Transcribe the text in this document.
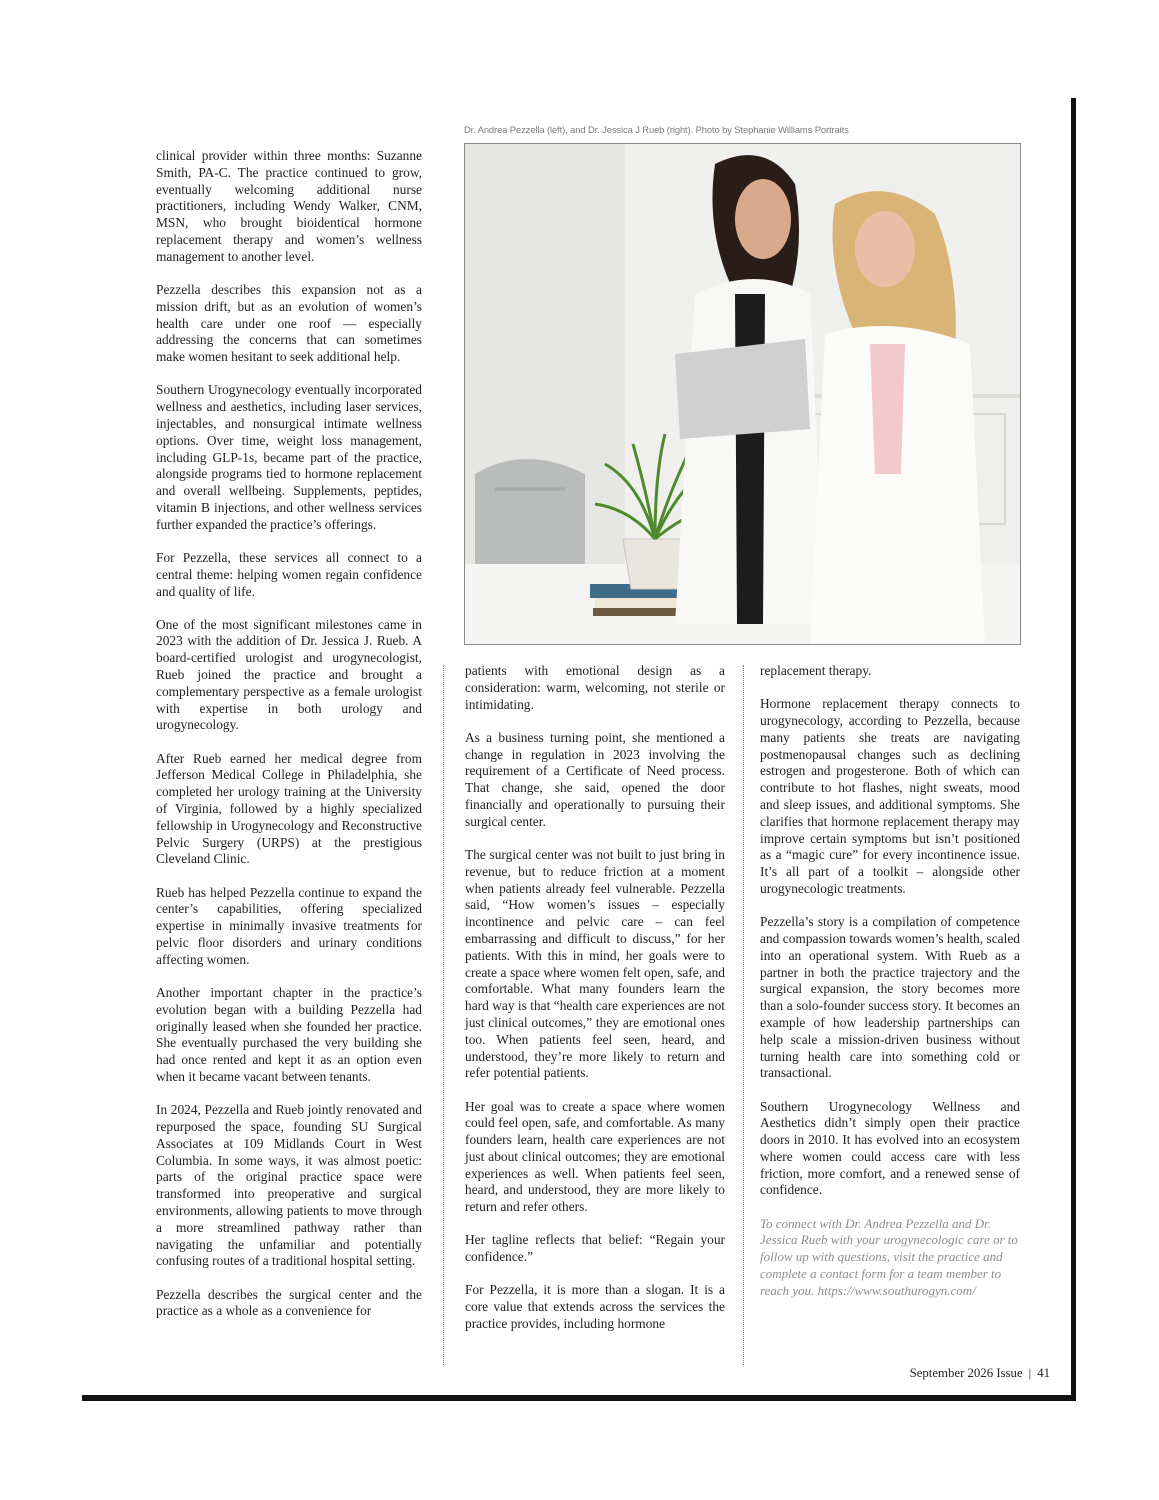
clinical provider within three months: Suzanne Smith, PA-C. The practice continued to grow, eventually welcoming additional nurse practitioners, including Wendy Walker, CNM, MSN, who brought bioidentical hormone replacement therapy and women’s wellness management to another level.

Pezzella describes this expansion not as a mission drift, but as an evolution of women’s health care under one roof — especially addressing the concerns that can sometimes make women hesitant to seek additional help.

Southern Urogynecology eventually incorporated wellness and aesthetics, including laser services, injectables, and nonsurgical intimate wellness options. Over time, weight loss management, including GLP-1s, became part of the practice, alongside programs tied to hormone replacement and overall wellbeing. Supplements, peptides, vitamin B injections, and other wellness services further expanded the practice’s offerings.

For Pezzella, these services all connect to a central theme: helping women regain confidence and quality of life.

One of the most significant milestones came in 2023 with the addition of Dr. Jessica J. Rueb. A board-certified urologist and urogynecologist, Rueb joined the practice and brought a complementary perspective as a female urologist with expertise in both urology and urogynecology.

After Rueb earned her medical degree from Jefferson Medical College in Philadelphia, she completed her urology training at the University of Virginia, followed by a highly specialized fellowship in Urogynecology and Reconstructive Pelvic Surgery (URPS) at the prestigious Cleveland Clinic.

Rueb has helped Pezzella continue to expand the center’s capabilities, offering specialized expertise in minimally invasive treatments for pelvic floor disorders and urinary conditions affecting women.

Another important chapter in the practice’s evolution began with a building Pezzella had originally leased when she founded her practice. She eventually purchased the very building she had once rented and kept it as an option even when it became vacant between tenants.

In 2024, Pezzella and Rueb jointly renovated and repurposed the space, founding SU Surgical Associates at 109 Midlands Court in West Columbia. In some ways, it was almost poetic: parts of the original practice space were transformed into preoperative and surgical environments, allowing patients to move through a more streamlined pathway rather than navigating the unfamiliar and potentially confusing routes of a traditional hospital setting.

Pezzella describes the surgical center and the practice as a whole as a convenience for

Dr. Andrea Pezzella (left), and Dr. Jessica J Rueb (right). Photo by Stephanie Williams Portraits

patients with emotional design as a consideration: warm, welcoming, not sterile or intimidating.

As a business turning point, she mentioned a change in regulation in 2023 involving the requirement of a Certificate of Need process. That change, she said, opened the door financially and operationally to pursuing their surgical center.

The surgical center was not built to just bring in revenue, but to reduce friction at a moment when patients already feel vulnerable. Pezzella said, “How women’s issues – especially incontinence and pelvic care – can feel embarrassing and difficult to discuss,” for her patients. With this in mind, her goals were to create a space where women felt open, safe, and comfortable. What many founders learn the hard way is that “health care experiences are not just clinical outcomes,” they are emotional ones too. When patients feel seen, heard, and understood, they’re more likely to return and refer potential patients.

Her goal was to create a space where women could feel open, safe, and comfortable. As many founders learn, health care experiences are not just about clinical outcomes; they are emotional experiences as well. When patients feel seen, heard, and understood, they are more likely to return and refer others.

Her tagline reflects that belief: “Regain your confidence.”

For Pezzella, it is more than a slogan. It is a core value that extends across the services the practice provides, including hormone

replacement therapy.

Hormone replacement therapy connects to urogynecology, according to Pezzella, because many patients she treats are navigating postmenopausal changes such as declining estrogen and progesterone. Both of which can contribute to hot flashes, night sweats, mood and sleep issues, and additional symptoms. She clarifies that hormone replacement therapy may improve certain symptoms but isn’t positioned as a “magic cure” for every incontinence issue. It’s all part of a toolkit – alongside other urogynecologic treatments.

Pezzella’s story is a compilation of competence and compassion towards women’s health, scaled into an operational system. With Rueb as a partner in both the practice trajectory and the surgical expansion, the story becomes more than a solo-founder success story. It becomes an example of how leadership partnerships can help scale a mission-driven business without turning health care into something cold or transactional.

Southern Urogynecology Wellness and Aesthetics didn’t simply open their practice doors in 2010. It has evolved into an ecosystem where women could access care with less friction, more comfort, and a renewed sense of confidence.

To connect with Dr. Andrea Pezzella and Dr. Jessica Rueb with your urogynecologic care or to follow up with questions, visit the practice and complete a contact form for a team member to reach you. https://www.southurogyn.com/

September 2026 Issue | 41
